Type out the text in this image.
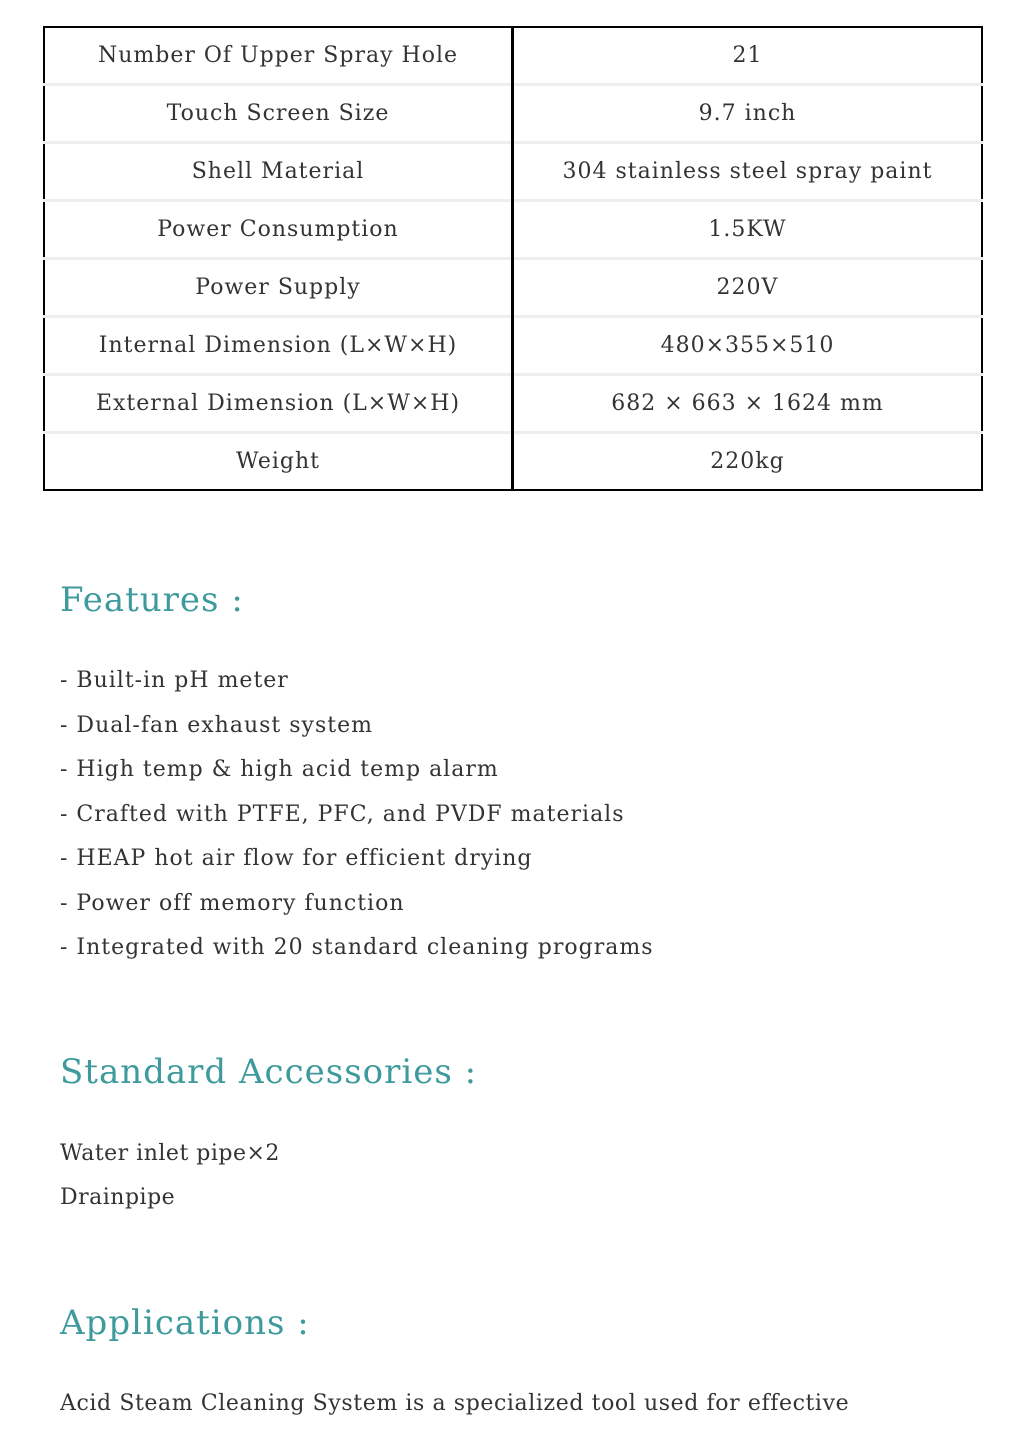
Number Of Upper Spray Hole	21
Touch Screen Size	9.7 inch
Shell Material	304 stainless steel spray paint
Power Consumption	1.5KW
Power Supply	220V
Internal Dimension (L×W×H)	480×355×510
External Dimension (L×W×H)	682 × 663 × 1624 mm
Weight	220kg
Features :
- Built-in pH meter
- Dual-fan exhaust system
- High temp & high acid temp alarm
- Crafted with PTFE, PFC, and PVDF materials
- HEAP hot air flow for efficient drying
- Power off memory function
- Integrated with 20 standard cleaning programs
Standard Accessories :
Water inlet pipe×2
Drainpipe
Applications :

Acid Steam Cleaning System is a specialized tool used for effective
